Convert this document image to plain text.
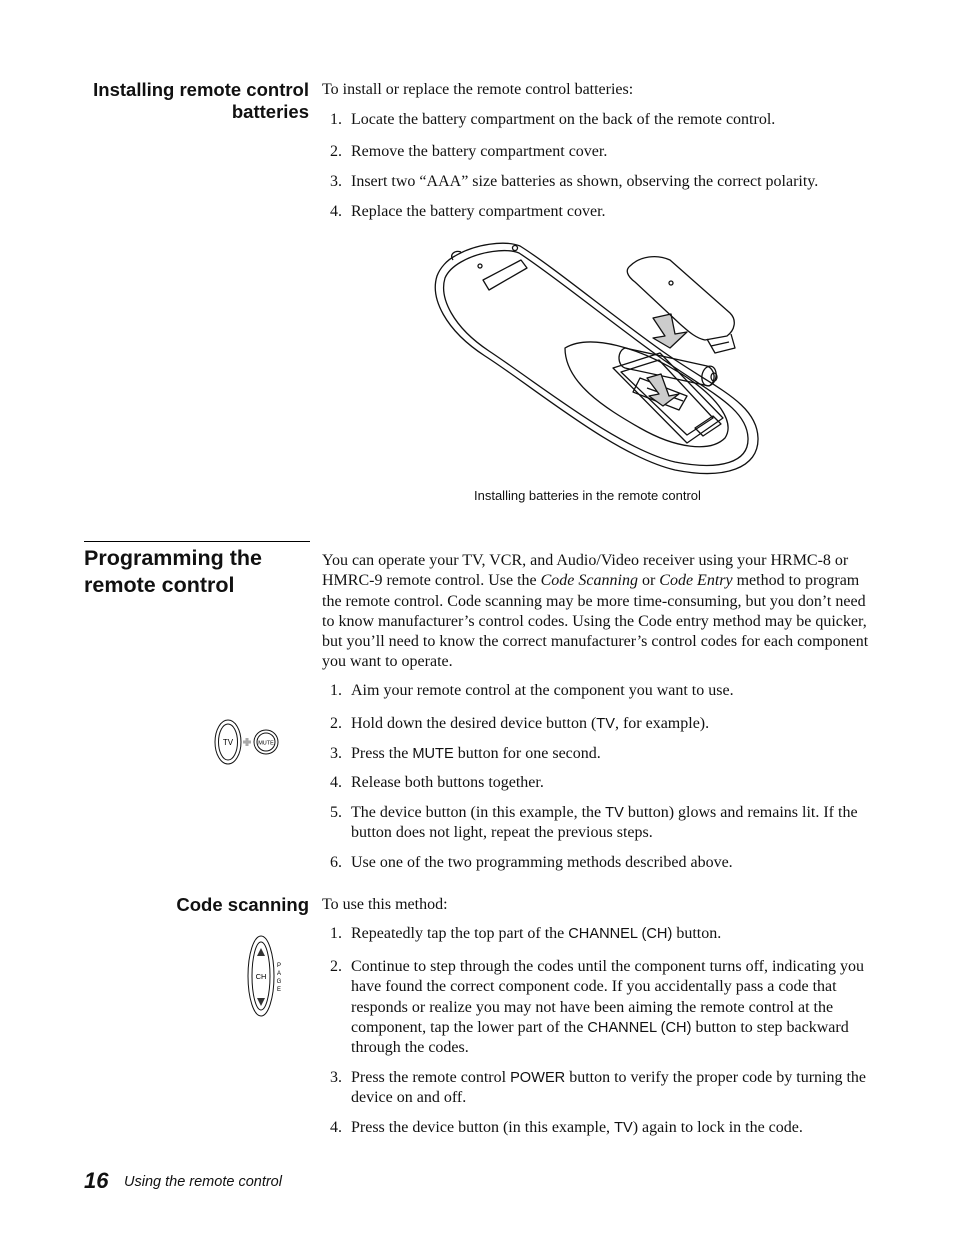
Installing remote control
batteries
To install or replace the remote control batteries:
1. Locate the battery compartment on the back of the remote control.
2. Remove the battery compartment cover.
3. Insert two “AAA” size batteries as shown, observing the correct polarity.
4. Replace the battery compartment cover.
Installing batteries in the remote control
Programming the
remote control
You can operate your TV, VCR, and Audio/Video receiver using your HRMC-8 or HMRC-9 remote control. Use the Code Scanning or Code Entry method to program the remote control. Code scanning may be more time-consuming, but you don’t need to know manufacturer’s control codes. Using the Code entry method may be quicker, but you’ll need to know the correct manufacturer’s control codes for each component you want to operate.
TV	MUTE
1. Aim your remote control at the component you want to use.
2. Hold down the desired device button (TV, for example).
3. Press the MUTE button for one second.
4. Release both buttons together.
5. The device button (in this example, the TV button) glows and remains lit. If the button does not light, repeat the previous steps.
6. Use one of the two programming methods described above.
Code scanning To use this method:
CH
P
A
G
E
1. Repeatedly tap the top part of the CHANNEL (CH) button.
2. Continue to step through the codes until the component turns off, indicating you have found the correct component code. If you accidentally pass a code that responds or realize you may not have been aiming the remote control at the component, tap the lower part of the CHANNEL (CH) button to step backward through the codes.
3. Press the remote control POWER button to verify the proper code by turning the device on and off.
4. Press the device button (in this example, TV) again to lock in the code.
16 Using the remote control
